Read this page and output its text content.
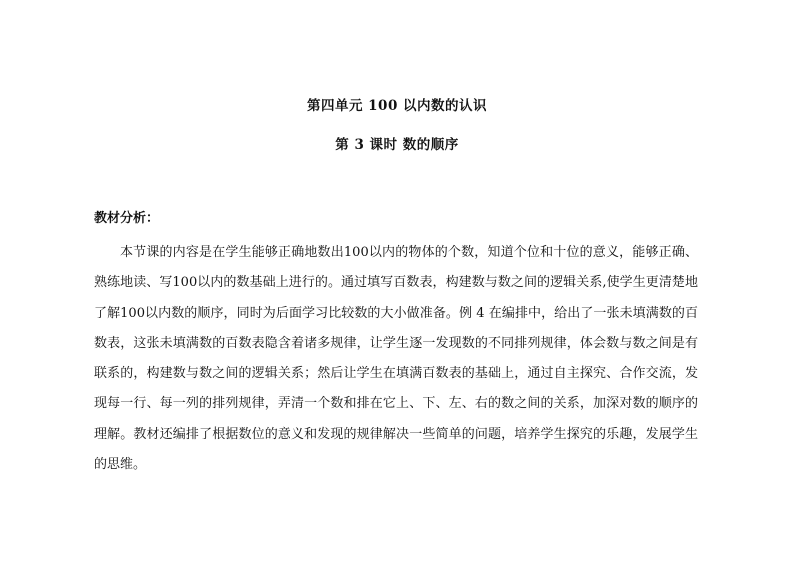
第四单元 100 以内数的认识
第 3 课时 数的顺序
教材分析：

本节课的内容是在学生能够正确地数出100以内的物体的个数，知道个位和十位的意义，能够正确、熟练地读、写100以内的数基础上进行的。通过填写百数表，构建数与数之间的逻辑关系,使学生更清楚地了解100以内数的顺序，同时为后面学习比较数的大小做准备。例 4 在编排中，给出了一张未填满数的百数表，这张未填满数的百数表隐含着诸多规律，让学生逐一发现数的不同排列规律，体会数与数之间是有联系的，构建数与数之间的逻辑关系；然后让学生在填满百数表的基础上，通过自主探究、合作交流，发现每一行、每一列的排列规律，弄清一个数和排在它上、下、左、右的数之间的关系，加深对数的顺序的理解。教材还编排了根据数位的意义和发现的规律解决一些简单的问题，培养学生探究的乐趣，发展学生的思维。
